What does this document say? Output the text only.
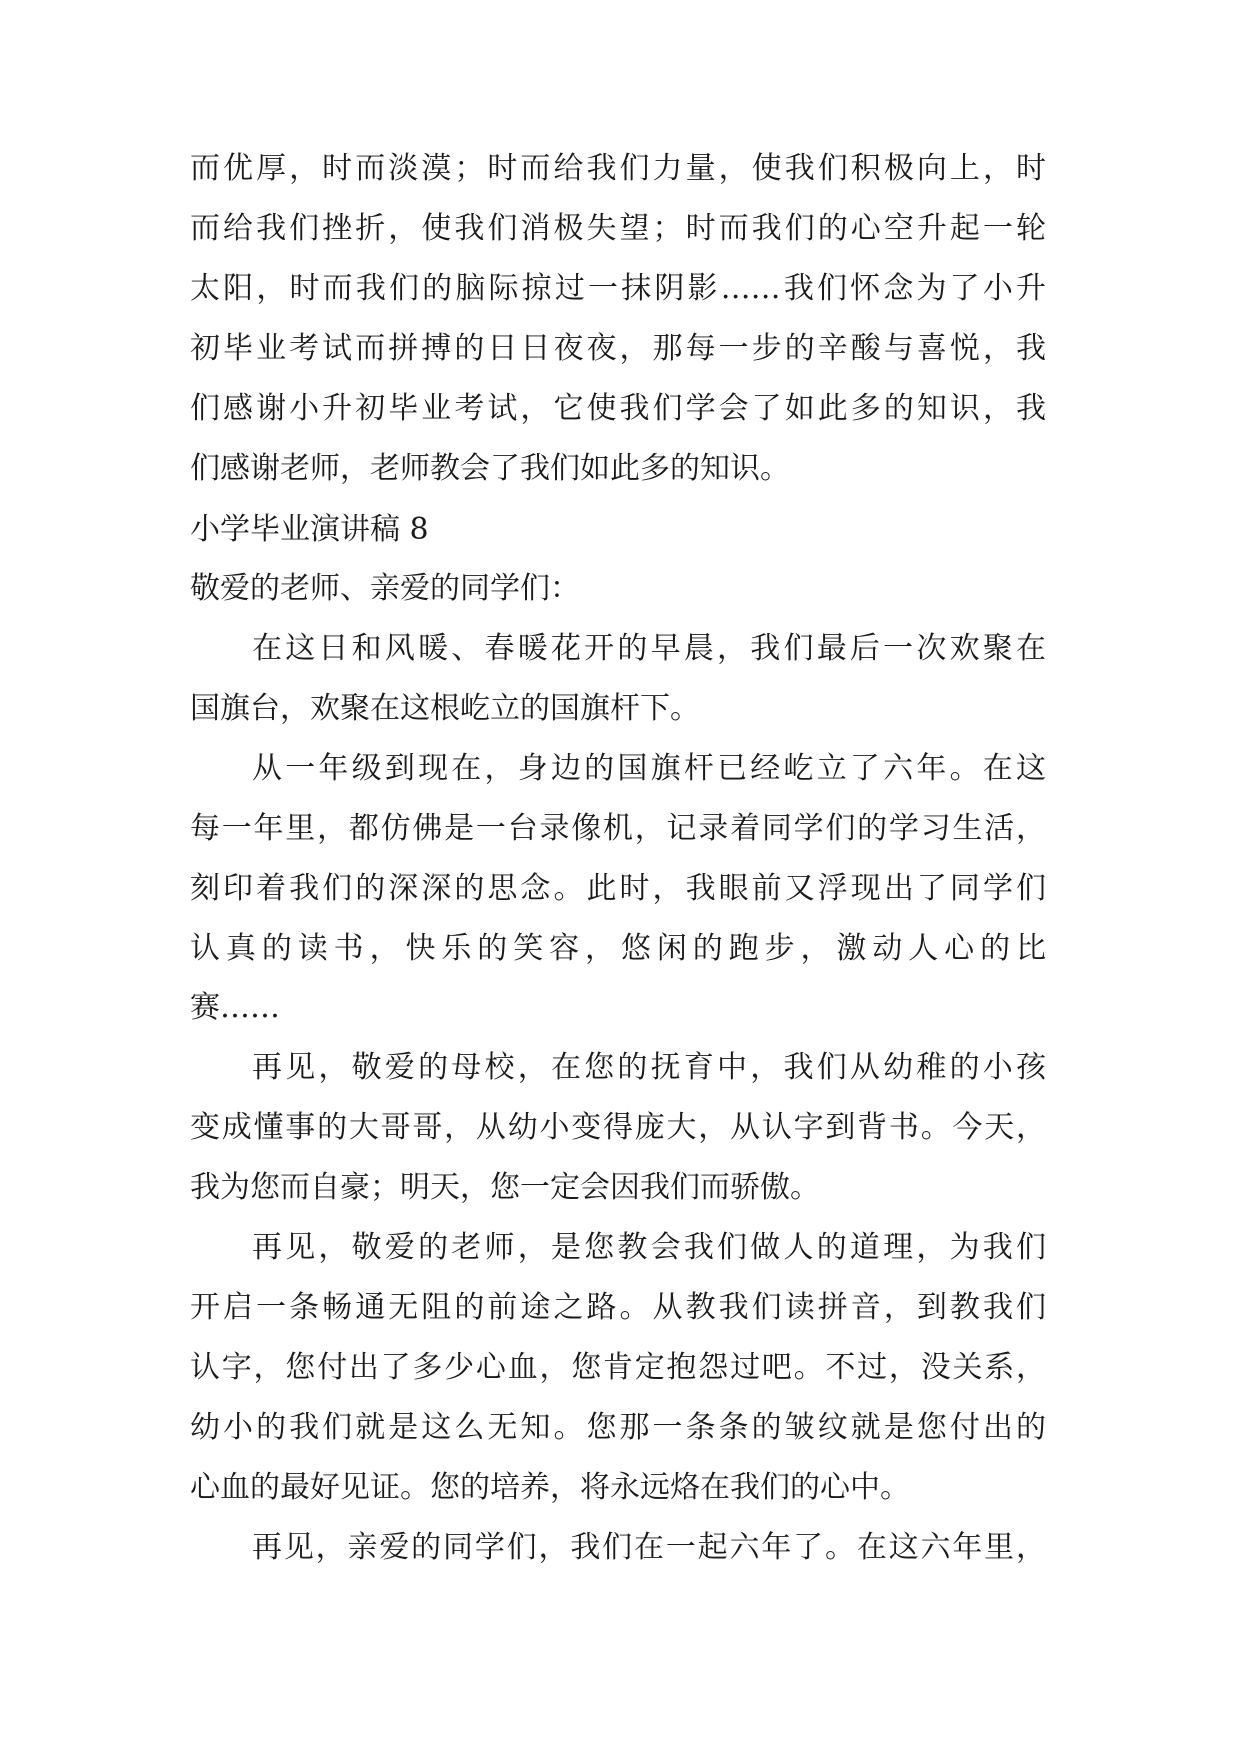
而优厚，时而淡漠；时而给我们力量，使我们积极向上，时
而给我们挫折，使我们消极失望；时而我们的心空升起一轮
太阳，时而我们的脑际掠过一抹阴影……我们怀念为了小升
初毕业考试而拼搏的日日夜夜，那每一步的辛酸与喜悦，我
们感谢小升初毕业考试，它使我们学会了如此多的知识，我
们感谢老师，老师教会了我们如此多的知识。
小学毕业演讲稿 8
敬爱的老师、亲爱的同学们：
在这日和风暖、春暖花开的早晨，我们最后一次欢聚在
国旗台，欢聚在这根屹立的国旗杆下。
从一年级到现在，身边的国旗杆已经屹立了六年。在这
每一年里，都仿佛是一台录像机，记录着同学们的学习生活，
刻印着我们的深深的思念。此时，我眼前又浮现出了同学们
认真的读书，快乐的笑容，悠闲的跑步，激动人心的比
赛……
再见，敬爱的母校，在您的抚育中，我们从幼稚的小孩
变成懂事的大哥哥，从幼小变得庞大，从认字到背书。今天，
我为您而自豪；明天，您一定会因我们而骄傲。
再见，敬爱的老师，是您教会我们做人的道理，为我们
开启一条畅通无阻的前途之路。从教我们读拼音，到教我们
认字，您付出了多少心血，您肯定抱怨过吧。不过，没关系，
幼小的我们就是这么无知。您那一条条的皱纹就是您付出的
心血的最好见证。您的培养，将永远烙在我们的心中。
再见，亲爱的同学们，我们在一起六年了。在这六年里，
